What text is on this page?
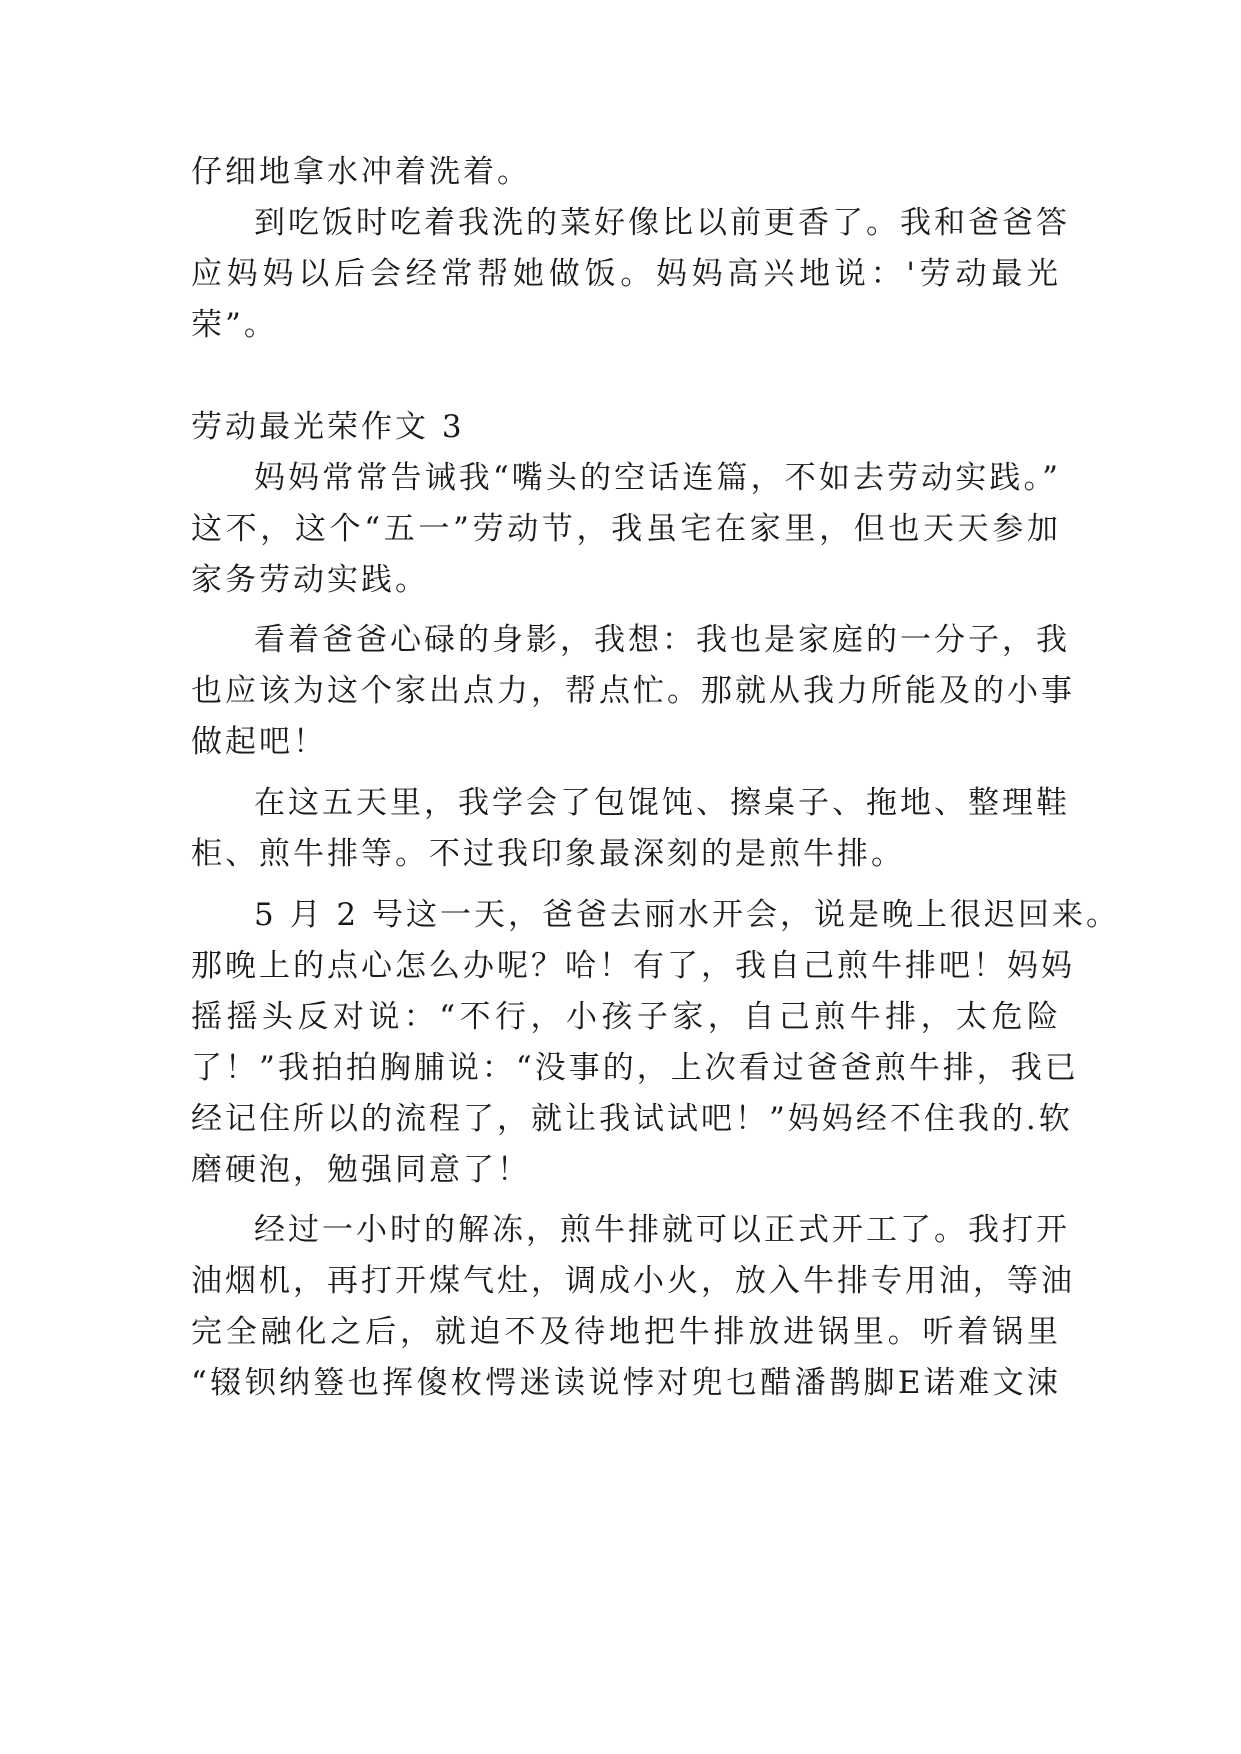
仔细地拿水冲着洗着。
到吃饭时吃着我洗的菜好像比以前更香了。我和爸爸答
应妈妈以后会经常帮她做饭。妈妈高兴地说：'劳动最光
荣”。
劳动最光荣作文 3
妈妈常常告诫我“嘴头的空话连篇，不如去劳动实践。”
这不，这个“五一”劳动节，我虽宅在家里，但也天天参加
家务劳动实践。
看着爸爸心碌的身影，我想：我也是家庭的一分子，我
也应该为这个家出点力，帮点忙。那就从我力所能及的小事
做起吧！
在这五天里，我学会了包馄饨、擦桌子、拖地、整理鞋
柜、煎牛排等。不过我印象最深刻的是煎牛排。
5 月 2 号这一天，爸爸去丽水开会，说是晚上很迟回来。
那晚上的点心怎么办呢？哈！有了，我自己煎牛排吧！妈妈
摇摇头反对说：“不行，小孩子家，自己煎牛排，太危险
了！”我拍拍胸脯说：“没事的，上次看过爸爸煎牛排，我已
经记住所以的流程了，就让我试试吧！”妈妈经不住我的.软
磨硬泡，勉强同意了！
经过一小时的解冻，煎牛排就可以正式开工了。我打开
油烟机，再打开煤气灶，调成小火，放入牛排专用油，等油
完全融化之后，就迫不及待地把牛排放进锅里。听着锅里
“辍钡纳簦也挥傻枚愕迷读说悖对兜乜醋潘鹊脚E诺难文涑
